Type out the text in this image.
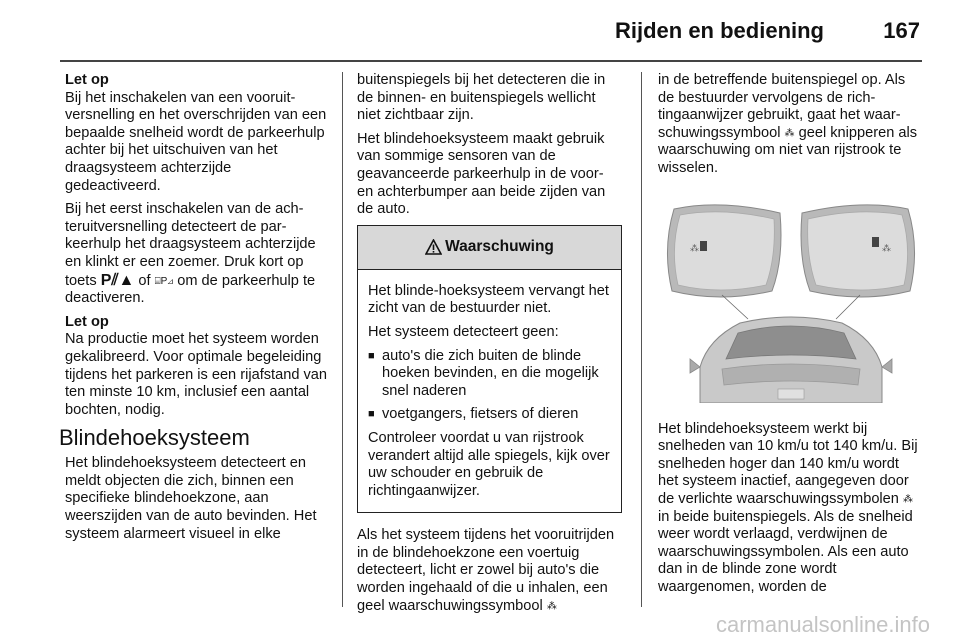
Rijden en bediening	167
Let op

Bij het inschakelen van een vooruitversnelling en het overschrijden van een bepaalde snelheid wordt de parkeerhulp achter bij het uitschuiven van het draagsysteem achterzijde gedeactiveerd.

Bij het eerst inschakelen van de achteruitversnelling detecteert de parkeerhulp het draagsysteem achterzijde en klinkt er een zoemer. Druk kort op toets P⫽▲ of ⌸P⊿ om de parkeerhulp te deactiveren.

Let op

Na productie moet het systeem worden gekalibreerd. Voor optimale begeleiding tijdens het parkeren is een rijafstand van ten minste 10 km, inclusief een aantal bochten, nodig.

Blindehoeksysteem

Het blindehoeksysteem detecteert en meldt objecten die zich, binnen een specifieke blindehoekzone, aan weerszijden van de auto bevinden. Het systeem alarmeert visueel in elke

buitenspiegels bij het detecteren die in de binnen- en buitenspiegels wellicht niet zichtbaar zijn.

Het blindehoeksysteem maakt gebruik van sommige sensoren van de geavanceerde parkeerhulp in de voor- en achterbumper aan beide zijden van de auto.

Waarschuwing

Het blinde-hoeksysteem vervangt het zicht van de bestuurder niet.

Het systeem detecteert geen:

■ auto's die zich buiten de blinde hoeken bevinden, en die mogelijk snel naderen
■ voetgangers, fietsers of dieren

Controleer voordat u van rijstrook verandert altijd alle spiegels, kijk over uw schouder en gebruik de richtingaanwijzer.

Als het systeem tijdens het vooruitrijden in de blindehoekzone een voertuig detecteert, licht er zowel bij auto's die worden ingehaald of die u inhalen, een geel waarschuwingssymbool ⁂

in de betreffende buitenspiegel op. Als de bestuurder vervolgens de richtingaanwijzer gebruikt, gaat het waarschuwingssymbool ⁂ geel knipperen als waarschuwing om niet van rijstrook te wisselen.

⁂	⁂

Het blindehoeksysteem werkt bij snelheden van 10 km/u tot 140 km/u. Bij snelheden hoger dan 140 km/u wordt het systeem inactief, aangegeven door de verlichte waarschuwingssymbolen ⁂ in beide buitenspiegels. Als de snelheid weer wordt verlaagd, verdwijnen de waarschuwingssymbolen. Als een auto dan in de blinde zone wordt waargenomen, worden de

carmanualsonline.info
